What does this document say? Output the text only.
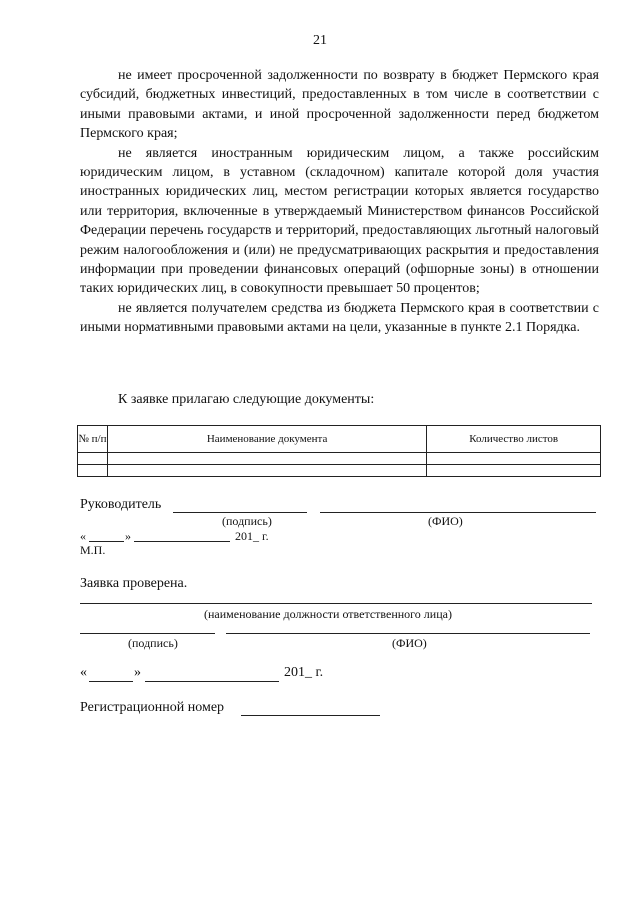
21

не имеет просроченной задолженности по возврату в бюджет Пермского края субсидий, бюджетных инвестиций, предоставленных в том числе в соответствии с иными правовыми актами, и иной просроченной задолженности перед бюджетом Пермского края;

не является иностранным юридическим лицом, а также российским юридическим лицом, в уставном (складочном) капитале которой доля участия иностранных юридических лиц, местом регистрации которых является государство или территория, включенные в утверждаемый Министерством финансов Российской Федерации перечень государств и территорий, предоставляющих льготный налоговый режим налогообложения и (или) не предусматривающих раскрытия и предоставления информации при проведении финансовых операций (офшорные зоны) в отношении таких юридических лиц, в совокупности превышает 50 процентов;

не является получателем средства из бюджета Пермского края в соответствии с иными нормативными правовыми актами на цели, указанные в пункте 2.1 Порядка.

К заявке прилагаю следующие документы:
№ п/п	Наименование документа	Количество листов

Руководитель
(подпись)	(ФИО)
«	»	201_ г.
М.П.
Заявка проверена.
(наименование должности ответственного лица)
(подпись)	(ФИО)
«	»	201_ г.
Регистрационной номер
